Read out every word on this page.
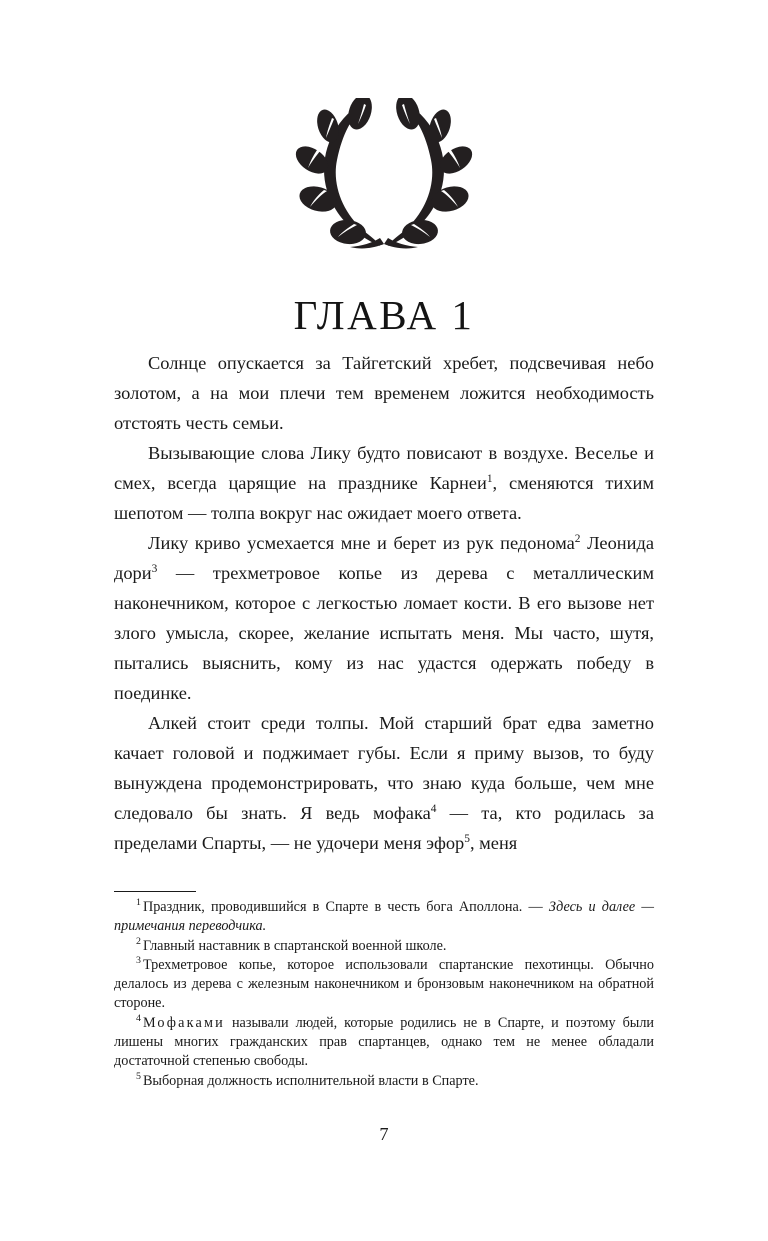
ГЛАВА 1

Солнце опускается за Тайгетский хребет, подсвечивая небо золотом, а на мои плечи тем временем ложится необходимость отстоять честь семьи.

Вызывающие слова Лику будто повисают в воздухе. Веселье и смех, всегда царящие на празднике Карнеи$^1$, сменяются тихим шепотом — толпа вокруг нас ожидает моего ответа.

Лику криво усмехается мне и берет из рук педонома$^2$ Леонида дори$^3$ — трехметровое копье из дерева с металлическим наконечником, которое с легкостью ломает кости. В его вызове нет злого умысла, скорее, желание испытать меня. Мы часто, шутя, пытались выяснить, кому из нас удастся одержать победу в поединке.

Алкей стоит среди толпы. Мой старший брат едва заметно качает головой и поджимает губы. Если я приму вызов, то буду вынуждена продемонстрировать, что знаю куда больше, чем мне следовало бы знать. Я ведь мофака$^4$ — та, кто родилась за пределами Спарты, — не удочери меня эфор$^5$, меня

$^1$ Праздник, проводившийся в Спарте в честь бога Аполлона. — Здесь и далее — примечания переводчика.

$^2$ Главный наставник в спартанской военной школе.

$^3$ Трехметровое копье, которое использовали спартанские пехотинцы. Обычно делалось из дерева с железным наконечником и бронзовым наконечником на обратной стороне.

$^4$ Мофаками называли людей, которые родились не в Спарте, и поэтому были лишены многих гражданских прав спартанцев, однако тем не менее обладали достаточной степенью свободы.

$^5$ Выборная должность исполнительной власти в Спарте.

7
